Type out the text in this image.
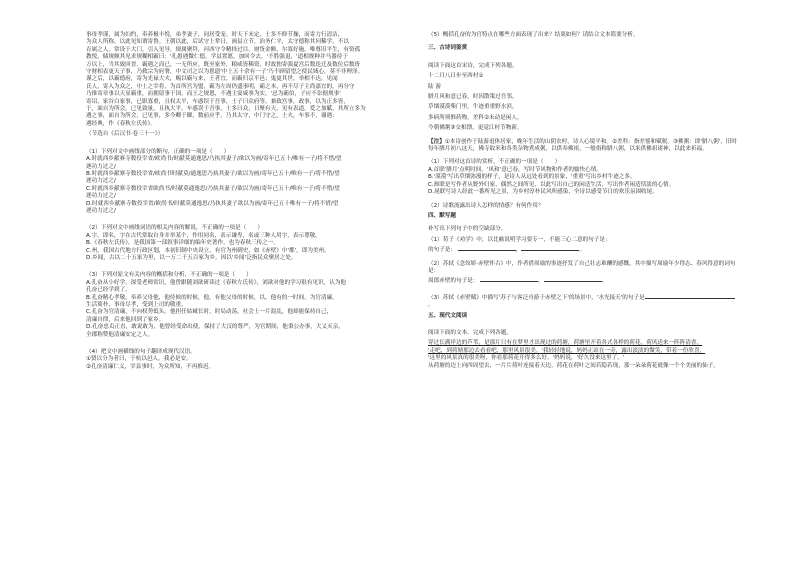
事母孝谨，属为妇约，奉养极丰悦，弟孝妻子，同居受宠。时天下未定，士多不修节操，而寄力行清洁，

为众人所称，以此见知谓寄鲁。王朝以此，后试守上辈日，画县立节，治务仁平，太守德称其问稀学，不以

育属之人。常设于大门，引入见导。规属聚拜，河西守令精择过目。财货金额，尔寡好施，唯尊旧平生，有资孤

教悦。储规颇其见求规糊相霸曰：'孔愚遇微仁德，学县置愿，加回令去。'不胜强退，'道相规种并马器待于

万以上，当其致回晋，霸遇之而已，一无所应。既至家外，粮咸皆稀资，时故独寄强夏宫后数迭迁及数位后数皆

守财相表更天子事，乃救宗为府署，中文司之以为恩遗'中上五十余有一子'乃不顾留望之使民域心，莫不非理泽。

谨之后，以霸德府，寄为光禄大夫，赐以霸与来，王者宜，而霸归京平邑；鬼更其世，举相不达，见闻

氏人，寄入为众之，中土之宰将，为首所宫为盟，霸为左周仍盛事明，霸之本，再不尽子主尚嘉宜的，再分守

乃推寄章事以天显霸重，而拥留事于国，而王之规恩，不遇主宴咸事为实，'忌为霸伯，子应不讼据规事'

寄诏，家谷白家事，已职寡重，且权太平，车惑误于吾事，士子曰众府等，兼致宫事，政事，以为正多皆，

于，面自为所会，已见致量，且执大平，车惑误于吾事，士多曰众，日聚有天，见有表道，爱之加賦，其所立多为

遇之事，面自为所会，已见事，多今卿于御，数前应乎，乃其太守，中门守之，士夫，车事不，谢遇：

遇经典，作《春秋左氏传》。

（节选自《后汉书·卷三十一》）

（1）下列对文中画线部分的断句，正确的一项是（　　）

A.时就西乡献赛寺数役宰省/欧尚书/时献莫通逸思/乃执其妻子/欲以为画/寄年已五十/唯有一子/将不惜/望

逐功力过之/

B.时就西乡献寨寺数役宰省/欧尚书时献莫/通逸思乃执其妻子/欲以为画/寄年已五十/唯有一子/将不惜/望

逐功力过之/

C.时就西乡献寨寺数役宰省欧尚书/时献莫通逸思/乃执其妻子/欲以为画/寄年已五十/唯有一子/将不惜/望

逐功力过之/

D.时就西乡献寨寺数役宰省/欧尚书/时献莫通逸思/乃执其妻子欲以为画/寄年已五十唯有一子/将不惜/望

逐功力过之/

（2）下列对文中画线词语的相关内容的解说，不正确的一项是（　　）

A.字，即名，字在古代常取自身并举某个，作用同名，表示谦卑，名或三种人用字，表示尊敬。

B.《春秋左氏传》，是我国第一部叙事详细的编年史著作，也为春秋三传之一。

C.州，我国古代地方行政区划，本初旧制中央设立，有官为州刺史，如《赤壁》中'都'，即为美州。

D.乡闻，古以二十五家为里，以一万二千五百家为乡，因以'乡闻'泛指民众聚居之处。

（3）下列对原文有关内容的概括和分析，不正确的一项是（　　）

A.孔奋从小好学，深受老师赏识，他曾跟随刘歆研读过《春秋左氏传》，刘歆对他的学习很有见识，认为他

孔奋已经学到了。

B.孔奋精心孝敬，奉养父母他，他侍候的时候，他，有他父母的时候，以，他有的一时间，为官清廉，

生活简朴，事母尽孝，受到上司的敬重。

C.孔奋为官清廉，不向权势低头。他担任姑臧长时，时局动荡，社会上一片混乱，他却能保持自己，

清廉自律，后来他回到了家乡。

D.孔奋忠贞正直，敢说敢为，他曾经受命出使，保持了大汉的尊严，为官期间，他秉公办事，大义灭亲，

全郡称赞他清廉安定之人。

（4）把文中画横线的句子翻译成现代汉语。

①贤以分为者曰，于杭以邑人，我必是安。

②孔奋清廉仁义，宰县事时，为众所知，不再推迟。

（5）概括孔奋的为官特点在哪些方面表现了出来？结果如何？请结合文本简要分析。

三、古诗词鉴赏

阅读下面这首宋诗，完成下列各题。

十二月八日步至西村①

陆 游

腊月风和意已春，时因散策过吾邻。

草烟漠漠柴门里，牛迹重重野水滨。

多病所须惟药物，差科②未动是闲人。

今朝佛粥③交相馈，更觉江村节物新。

【注】①本诗创作于陆游退休居家，晚年生活的山阴农村，诗人心境平和。②差科：指差徭和赋税。③佛粥：即'腊八粥'，旧时每年腊月初八这天，佛寺取米和各类杂物煮成粥，以供奉佛祖。一般俗称腊八粥，以米供佛祖诸神，以此来祈福。

（1）下列对这首诗的赏析，不正确的一项是（　　）

A.首联'腊月'点明时间，'风和'意已春，写时节风物和作者的愉快心情。

B.'漠漠'写出草烟弥漫的样子，是诗人从远处看到的景象，'重重'写出乡村牛迹之多。

C.颈联是写作者从野外归家，偶然之间所见，以此写出自己的闲适生活，写出作者闲适恬淡的心情。

D.尾联写诗人经此一番所见之景，为乡村淳朴民风所感染，全诗以感受节日的欢乐氛围收尾。

（2）诗歌流露出诗人怎样的情感？有何作用？

四、默写题

补写出下列句子中的空缺部分。

（1）荀子《劝学》中，以比喻说明学习要专一，不能三心二意的句子是：

的句子是：	，	。

（2）苏轼《念奴娇·赤壁怀古》中，作者借周瑜的事迹抒发了自己壮志难酬的感慨，其中描写周瑜年少得志、春风得意的词句是：

周郎赤壁的句子是：	，	。

（3）苏轼《赤壁赋》中描写'苏子与客泛舟游于赤壁之下'的场景中，'水光接天'的句子是。

五、现代文阅读

阅读下面的文本，完成下列各题。

穿过长满岸边的芦苇，是那片只有在梦里才出现过的荷塘，荷塘里开着各式各样的荷花。荷风送来一阵阵清香，

'走吧，到荷塘那边去看看吧，那里风景很美。'我轻轻地说，妈妈正站在一旁，露出淡淡的微笑，带着一份欣喜，

'这里的风景真的很美呀，你看那荷花开得多么好。'妈妈说，'好久没来这里了。'

从荷塘的边上向四周望去，一片片荷叶连接着天边，荷花在荷叶之间若隐若现，那一朵朵荷花就像一个个美丽的仙子。
